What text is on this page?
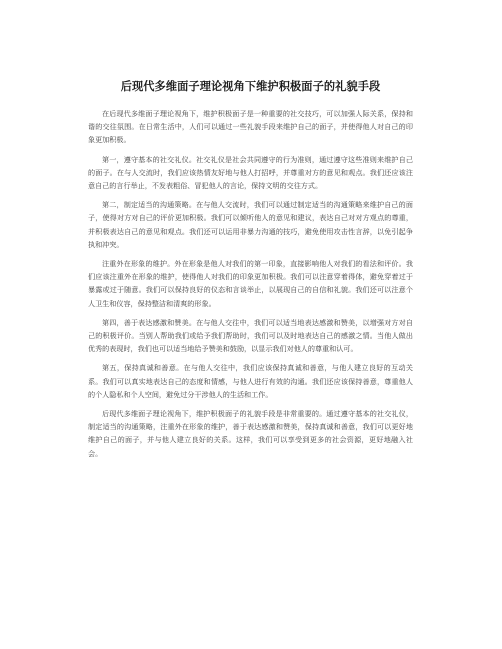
后现代多维面子理论视角下维护积极面子的礼貌手段

在后现代多维面子理论视角下，维护积极面子是一种重要的社交技巧，可以加强人际关系，保持和谐的交往氛围。在日常生活中，人们可以通过一些礼貌手段来维护自己的面子，并使得他人对自己的印象更加积极。

第一，遵守基本的社交礼仪。社交礼仪是社会共同遵守的行为准则，通过遵守这些准则来维护自己的面子。在与人交流时，我们应该热情友好地与他人打招呼，并尊重对方的意见和观点。我们还应该注意自己的言行举止，不发表粗俗、冒犯他人的言论，保持文明的交往方式。

第二，制定适当的沟通策略。在与他人交流时，我们可以通过制定适当的沟通策略来维护自己的面子，使得对方对自己的评价更加积极。我们可以倾听他人的意见和建议，表达自己对对方观点的尊重，并积极表达自己的意见和观点。我们还可以运用非暴力沟通的技巧，避免使用攻击性言辞，以免引起争执和冲突。

注重外在形象的维护。外在形象是他人对我们的第一印象，直接影响他人对我们的看法和评价。我们应该注重外在形象的维护，使得他人对我们的印象更加积极。我们可以注意穿着得体，避免穿着过于暴露或过于随意。我们可以保持良好的仪态和言谈举止，以展现自己的自信和礼貌。我们还可以注意个人卫生和仪容，保持整洁和清爽的形象。

第四，善于表达感激和赞美。在与他人交往中，我们可以适当地表达感激和赞美，以增强对方对自己的积极评价。当别人帮助我们或给予我们帮助时，我们可以及时地表达自己的感激之情。当他人做出优秀的表现时，我们也可以适当地给予赞美和鼓励，以显示我们对他人的尊重和认可。

第五，保持真诚和善意。在与他人交往中，我们应该保持真诚和善意，与他人建立良好的互动关系。我们可以真实地表达自己的态度和情感，与他人进行有效的沟通。我们还应该保持善意，尊重他人的个人隐私和个人空间，避免过分干涉他人的生活和工作。

后现代多维面子理论视角下，维护积极面子的礼貌手段是非常重要的。通过遵守基本的社交礼仪，制定适当的沟通策略，注重外在形象的维护，善于表达感激和赞美，保持真诚和善意，我们可以更好地维护自己的面子，并与他人建立良好的关系。这样，我们可以享受到更多的社会资源，更好地融入社会。
